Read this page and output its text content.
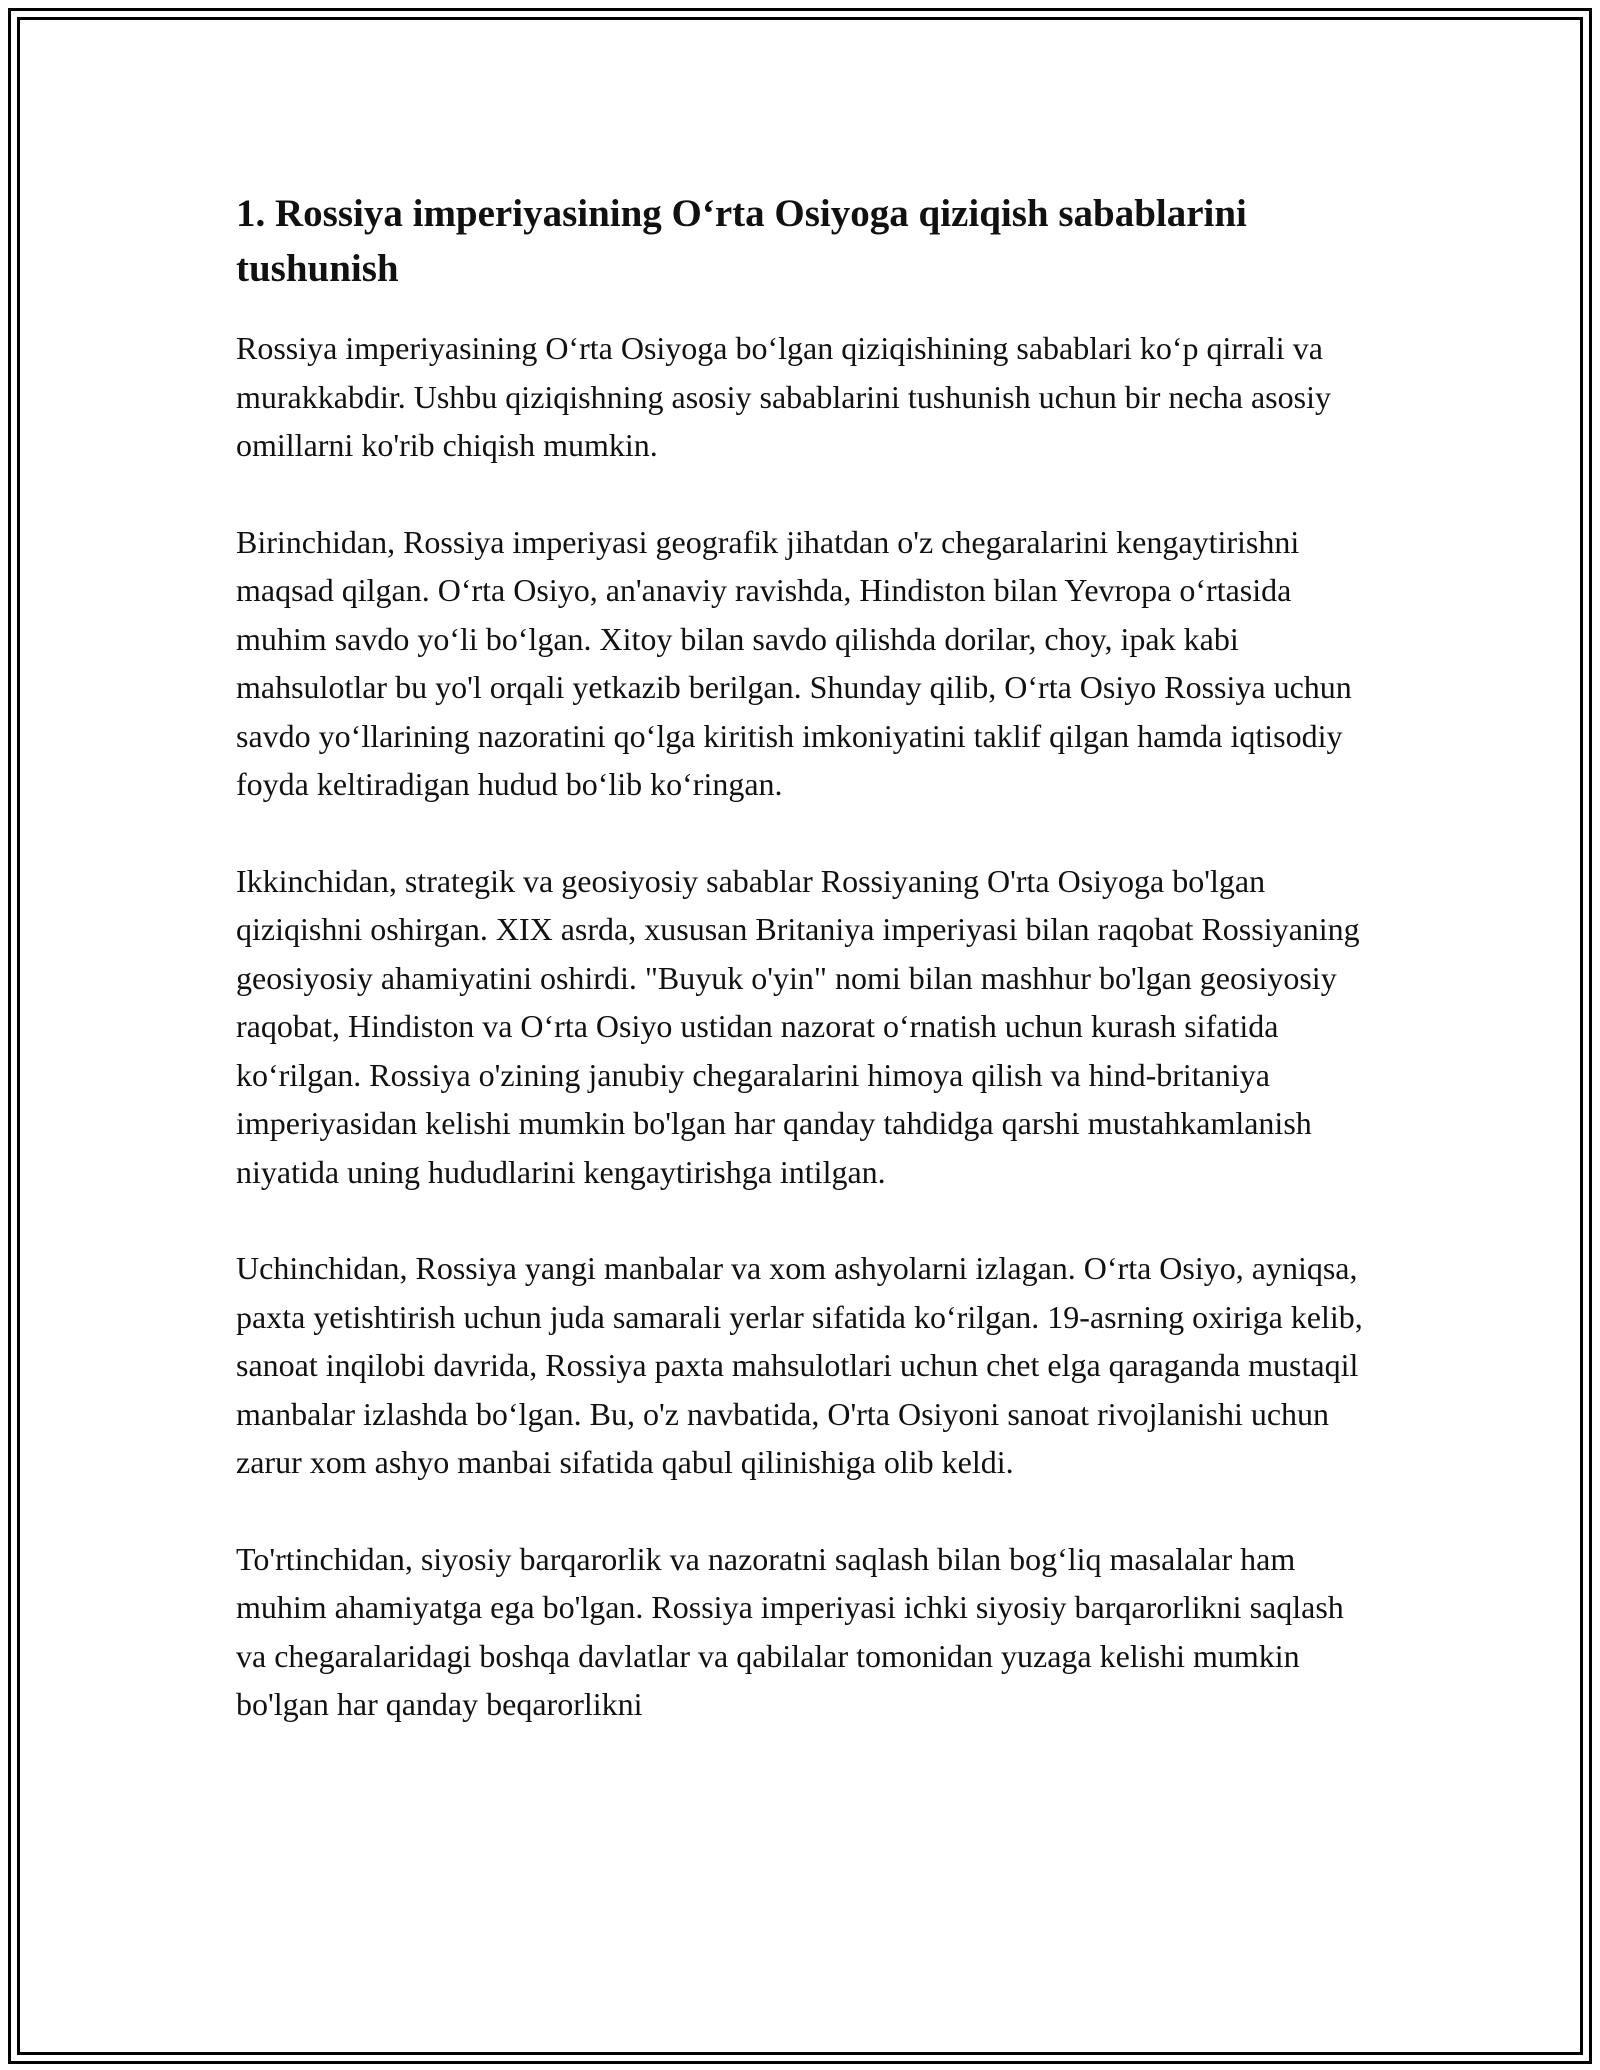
1. Rossiya imperiyasining O‘rta Osiyoga qiziqish sabablarini tushunish

Rossiya imperiyasining O‘rta Osiyoga bo‘lgan qiziqishining sabablari ko‘p qirrali va murakkabdir. Ushbu qiziqishning asosiy sabablarini tushunish uchun bir necha asosiy omillarni ko'rib chiqish mumkin.

Birinchidan, Rossiya imperiyasi geografik jihatdan o'z chegaralarini kengaytirishni maqsad qilgan. O‘rta Osiyo, an'anaviy ravishda, Hindiston bilan Yevropa o‘rtasida muhim savdo yo‘li bo‘lgan. Xitoy bilan savdo qilishda dorilar, choy, ipak kabi mahsulotlar bu yo'l orqali yetkazib berilgan. Shunday qilib, O‘rta Osiyo Rossiya uchun savdo yo‘llarining nazoratini qo‘lga kiritish imkoniyatini taklif qilgan hamda iqtisodiy foyda keltiradigan hudud bo‘lib ko‘ringan.

Ikkinchidan, strategik va geosiyosiy sabablar Rossiyaning O'rta Osiyoga bo'lgan qiziqishni oshirgan. XIX asrda, xususan Britaniya imperiyasi bilan raqobat Rossiyaning geosiyosiy ahamiyatini oshirdi. "Buyuk o'yin" nomi bilan mashhur bo'lgan geosiyosiy raqobat, Hindiston va O‘rta Osiyo ustidan nazorat o‘rnatish uchun kurash sifatida ko‘rilgan. Rossiya o'zining janubiy chegaralarini himoya qilish va hind-britaniya imperiyasidan kelishi mumkin bo'lgan har qanday tahdidga qarshi mustahkamlanish niyatida uning hududlarini kengaytirishga intilgan.

Uchinchidan, Rossiya yangi manbalar va xom ashyolarni izlagan. O‘rta Osiyo, ayniqsa, paxta yetishtirish uchun juda samarali yerlar sifatida ko‘rilgan. 19-asrning oxiriga kelib, sanoat inqilobi davrida, Rossiya paxta mahsulotlari uchun chet elga qaraganda mustaqil manbalar izlashda bo‘lgan. Bu, o'z navbatida, O'rta Osiyoni sanoat rivojlanishi uchun zarur xom ashyo manbai sifatida qabul qilinishiga olib keldi.

To'rtinchidan, siyosiy barqarorlik va nazoratni saqlash bilan bog‘liq masalalar ham muhim ahamiyatga ega bo'lgan. Rossiya imperiyasi ichki siyosiy barqarorlikni saqlash va chegaralaridagi boshqa davlatlar va qabilalar tomonidan yuzaga kelishi mumkin bo'lgan har qanday beqarorlikni
